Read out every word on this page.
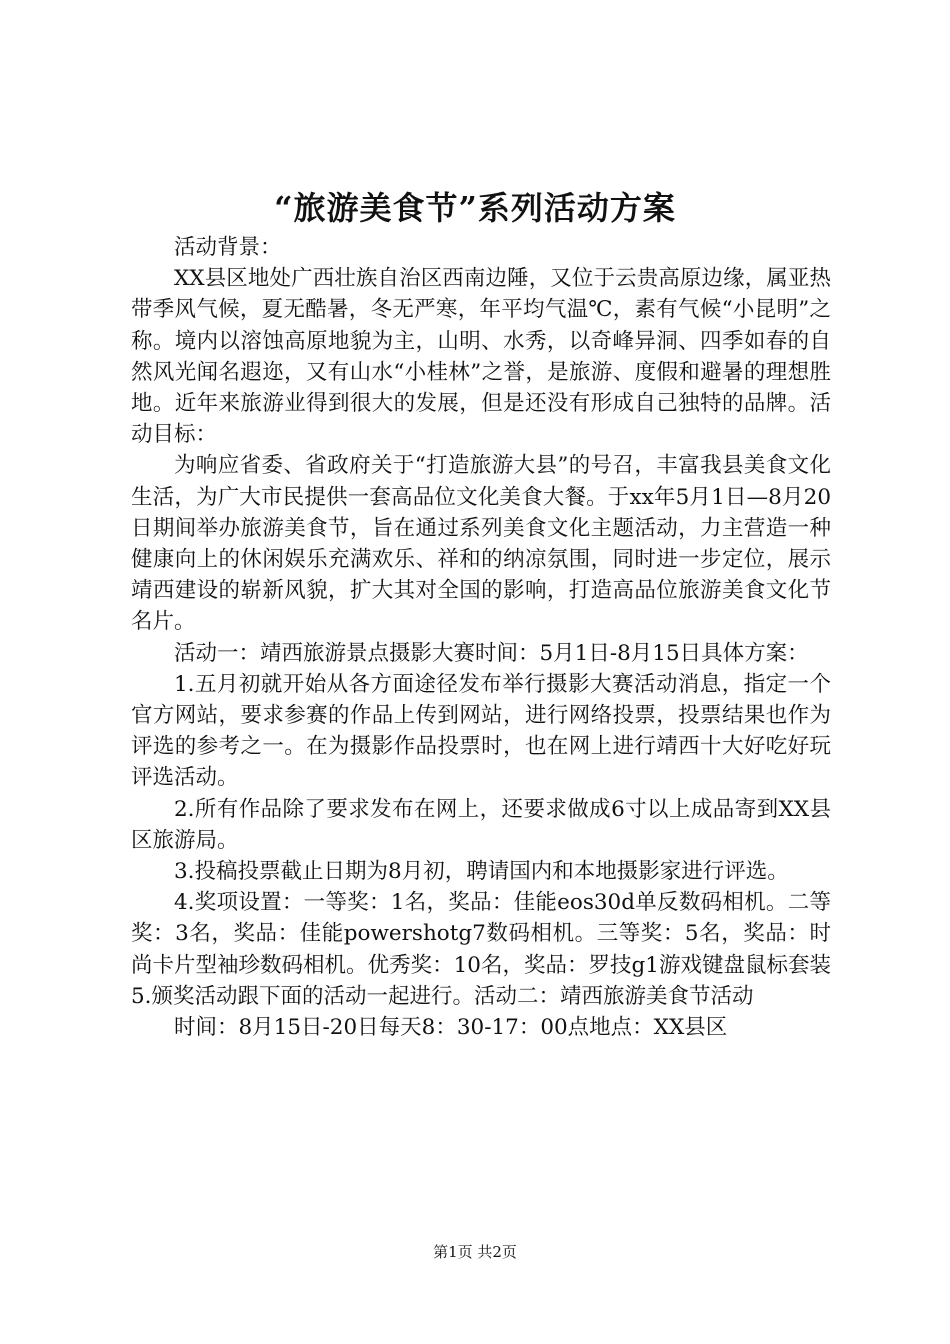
“旅游美食节”系列活动方案

活动背景：

XX县区地处广西壮族自治区西南边陲，又位于云贵高原边缘，属亚热带季风气候，夏无酷暑，冬无严寒，年平均气温℃，素有气候“小昆明”之称。境内以溶蚀高原地貌为主，山明、水秀，以奇峰异洞、四季如春的自然风光闻名遐迩，又有山水“小桂林”之誉，是旅游、度假和避暑的理想胜地。近年来旅游业得到很大的发展，但是还没有形成自己独特的品牌。活动目标：

为响应省委、省政府关于“打造旅游大县”的号召，丰富我县美食文化生活，为广大市民提供一套高品位文化美食大餐。于xx年5月1日—8月20日期间举办旅游美食节，旨在通过系列美食文化主题活动，力主营造一种健康向上的休闲娱乐充满欢乐、祥和的纳凉氛围，同时进一步定位，展示靖西建设的崭新风貌，扩大其对全国的影响，打造高品位旅游美食文化节名片。

活动一：靖西旅游景点摄影大赛时间：5月1日-8月15日具体方案：

1.五月初就开始从各方面途径发布举行摄影大赛活动消息，指定一个官方网站，要求参赛的作品上传到网站，进行网络投票，投票结果也作为评选的参考之一。在为摄影作品投票时，也在网上进行靖西十大好吃好玩评选活动。

2.所有作品除了要求发布在网上，还要求做成6寸以上成品寄到XX县区旅游局。

3.投稿投票截止日期为8月初，聘请国内和本地摄影家进行评选。

4.奖项设置：一等奖：1名，奖品：佳能eos30d单反数码相机。二等奖：3名，奖品：佳能powershotg7数码相机。三等奖：5名，奖品：时尚卡片型袖珍数码相机。优秀奖：10名，奖品：罗技g1游戏键盘鼠标套装5.颁奖活动跟下面的活动一起进行。活动二：靖西旅游美食节活动

时间：8月15日-20日每天8：30-17：00点地点：XX县区

第1页 共2页
